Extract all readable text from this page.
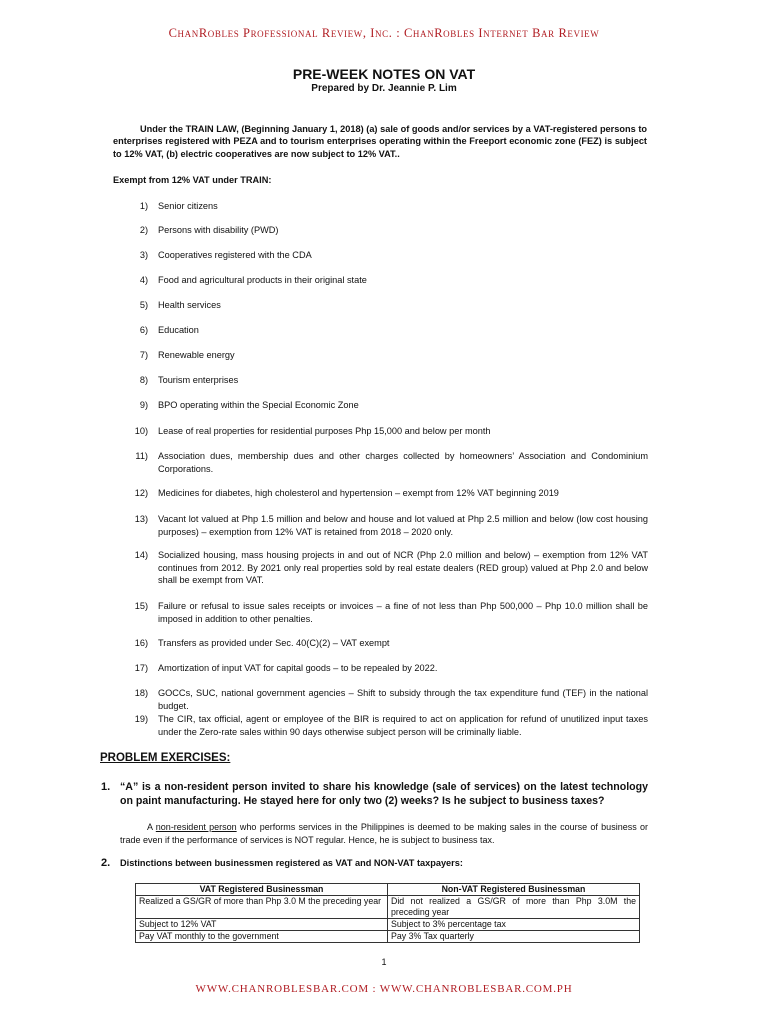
ChanRobles Professional Review, Inc. : ChanRobles Internet Bar Review
PRE-WEEK NOTES ON VAT
Prepared by Dr. Jeannie P. Lim

Under the TRAIN LAW, (Beginning January 1, 2018) (a) sale of goods and/or services by a VAT-registered persons to enterprises registered with PEZA and to tourism enterprises operating within the Freeport economic zone (FEZ) is subject to 12% VAT, (b) electric cooperatives are now subject to 12% VAT..

Exempt from 12% VAT under TRAIN:
1) Senior citizens
2) Persons with disability (PWD)
3) Cooperatives registered with the CDA
4) Food and agricultural products in their original state
5) Health services
6) Education
7) Renewable energy
8) Tourism enterprises
9) BPO operating within the Special Economic Zone
10) Lease of real properties for residential purposes Php 15,000 and below per month
11) Association dues, membership dues and other charges collected by homeowners’ Association and Condominium Corporations.
12) Medicines for diabetes, high cholesterol and hypertension – exempt from 12% VAT beginning 2019
13) Vacant lot valued at Php 1.5 million and below and house and lot valued at Php 2.5 million and below (low cost housing purposes) – exemption from 12% VAT is retained from 2018 – 2020 only.
14) Socialized housing, mass housing projects in and out of NCR (Php 2.0 million and below) – exemption from 12% VAT continues from 2012. By 2021 only real properties sold by real estate dealers (RED group) valued at Php 2.0 and below shall be exempt from VAT.
15) Failure or refusal to issue sales receipts or invoices – a fine of not less than Php 500,000 – Php 10.0 million shall be imposed in addition to other penalties.
16) Transfers as provided under Sec. 40(C)(2) – VAT exempt
17) Amortization of input VAT for capital goods – to be repealed by 2022.
18) GOCCs, SUC, national government agencies – Shift to subsidy through the tax expenditure fund (TEF) in the national budget.
19) The CIR, tax official, agent or employee of the BIR is required to act on application for refund of unutilized input taxes under the Zero-rate sales within 90 days otherwise subject person will be criminally liable.
PROBLEM EXERCISES:
1. “A” is a non-resident person invited to share his knowledge (sale of services) on the latest technology on paint manufacturing. He stayed here for only two (2) weeks? Is he subject to business taxes?

A non-resident person who performs services in the Philippines is deemed to be making sales in the course of business or trade even if the performance of services is NOT regular. Hence, he is subject to business tax.

2. Distinctions between businessmen registered as VAT and NON-VAT taxpayers:
VAT Registered Businessman	Non-VAT Registered Businessman
Realized a GS/GR of more than Php 3.0 M the preceding year	Did not realized a GS/GR of more than Php 3.0M the preceding year
Subject to 12% VAT	Subject to 3% percentage tax
Pay VAT monthly to the government	Pay 3% Tax quarterly
1
WWW.CHANROBLESBAR.COM : WWW.CHANROBLESBAR.COM.PH
